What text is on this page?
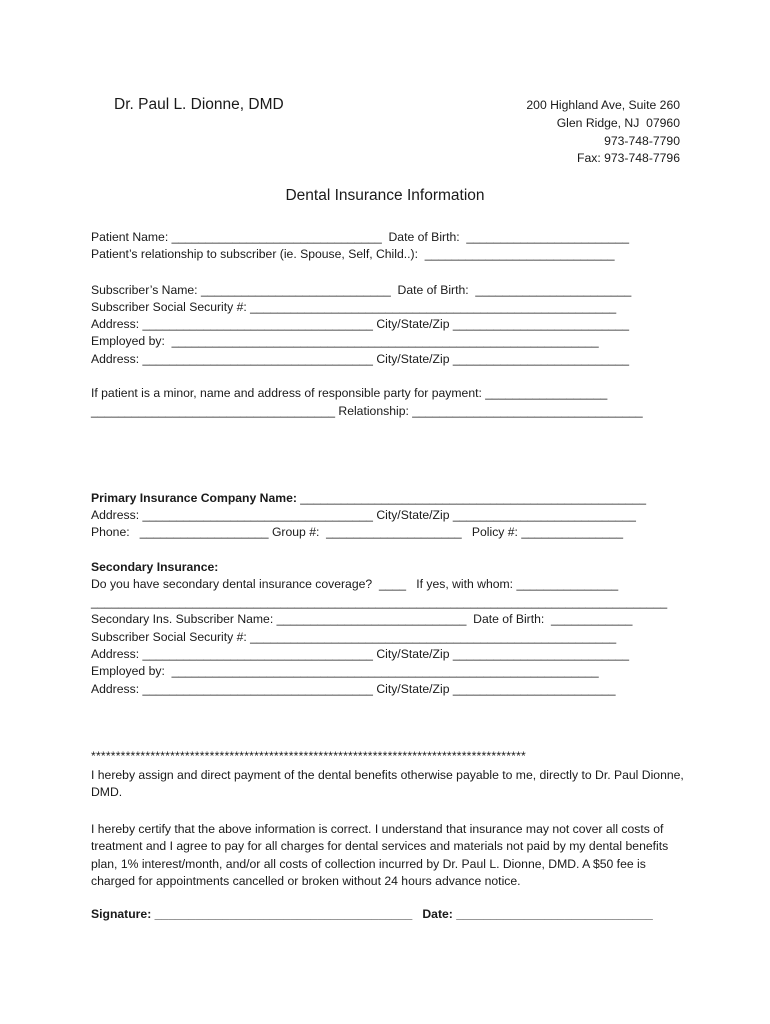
Dr. Paul L. Dionne, DMD	200 Highland Ave, Suite 260
Glen Ridge, NJ  07960
973-748-7790
Fax: 973-748-7796
Dental Insurance Information
Patient Name: _______________________________  Date of Birth:  ________________________
Patient’s relationship to subscriber (ie. Spouse, Self, Child..):  ____________________________
Subscriber’s Name: ____________________________  Date of Birth:  _______________________
Subscriber Social Security #: ______________________________________________________
Address: __________________________________ City/State/Zip __________________________
Employed by:  _______________________________________________________________
Address: __________________________________ City/State/Zip __________________________
If patient is a minor, name and address of responsible party for payment: __________________
____________________________________ Relationship: __________________________________
Primary Insurance Company Name: ___________________________________________________
Address: __________________________________ City/State/Zip ___________________________
Phone:   ___________________ Group #:  ____________________   Policy #: _______________
Secondary Insurance:
Do you have secondary dental insurance coverage?  ____   If yes, with whom: _______________
_____________________________________________________________________________________
Secondary Ins. Subscriber Name: ____________________________  Date of Birth:  ____________
Subscriber Social Security #: ______________________________________________________
Address: __________________________________ City/State/Zip __________________________
Employed by:  _______________________________________________________________
Address: __________________________________ City/State/Zip ________________________
****************************************************************************************
I hereby assign and direct payment of the dental benefits otherwise payable to me, directly to Dr. Paul Dionne, DMD.
I hereby certify that the above information is correct. I understand that insurance may not cover all costs of treatment and I agree to pay for all charges for dental services and materials not paid by my dental benefits plan, 1% interest/month, and/or all costs of collection incurred by Dr. Paul L. Dionne, DMD. A $50 fee is charged for appointments cancelled or broken without 24 hours advance notice.
Signature: ______________________________________   Date: _____________________________
